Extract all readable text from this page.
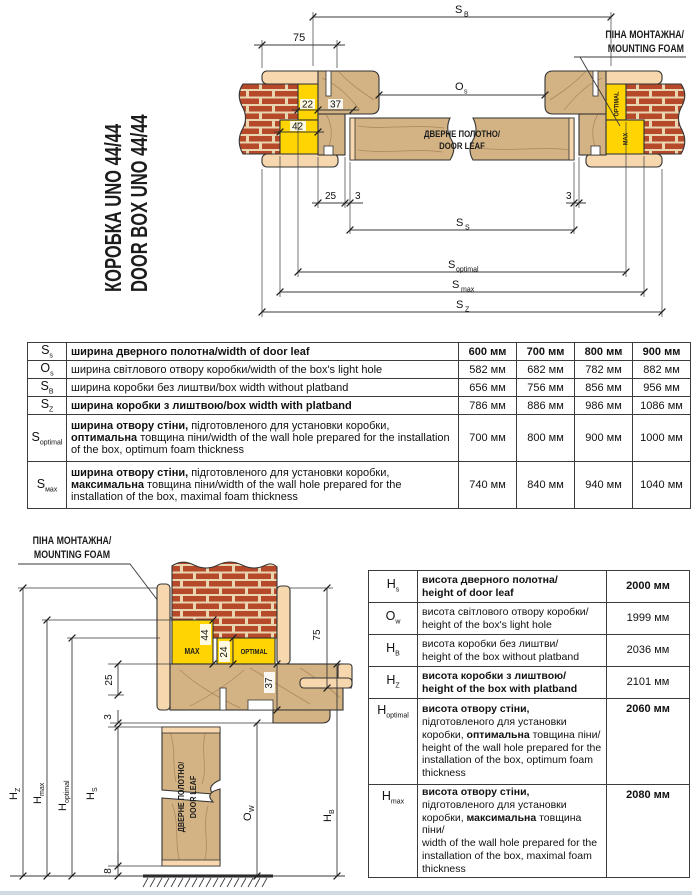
КОРОБКА UNO 44/44 DOOR BOX UNO 44/44
OPTIMAL
MAX
ДВЕРНЕ ПОЛОТНО/
DOOR LEAF
ПІНА МОНТАЖНА/
MOUNTING FOAM
S B
75
O s
22 37
42
25 3	3
S S
S optimal
S max
S Z
$S_s$	ширина дверного полотна/width of door leaf	600 мм	700 мм	800 мм	900 мм
$O_s$	ширина світлового отвору коробки/width of the box's light hole	582 мм	682 мм	782 мм	882 мм
$S_B$	ширина коробки без лиштви/box width without platband	656 мм	756 мм	856 мм	956 мм
$S_Z$	ширина коробки з лиштвою/box width with platband	786 мм	886 мм	986 мм	1086 мм
$S_{optimal}$	ширина отвору стіни, підготовленого для установки коробки, оптимальна товщина піни/width of the wall hole prepared for the installation of the box, optimum foam thickness	700 мм	800 мм	900 мм	1000 мм
$S_{мах}$	ширина отвору стіни, підготовленого для установки коробки, максимальна товщина піни/width of the wall hole prepared for the installation of the box, maximal foam thickness	740 мм	840 мм	940 мм	1040 мм
ПІНА МОНТАЖНА/
MOUNTING FOAM
MAX	OPTIMAL
44
24
ДВЕРНЕ ПОЛОТНО/ DOOR LEAF
25
3
8
37
75
H
Z
H
max
H
optimal H
S
O
W
H
B
$H_s$	висота дверного полотна/
height of door leaf	2000 мм
$O_w$	висота світлового отвору коробки/
height of the box's light hole	1999 мм
$H_B$	висота коробки без лиштви/
height of the box without platband	2036 мм
$H_Z$	висота коробки з лиштвою/
height of the box with platband	2101 мм
$H_{optimal}$	висота отвору стіни, підготовленого для установки коробки, оптимальна товщина піни/
height of the wall hole prepared for the installation of the box, optimum foam thickness	2060 мм
$H_{max}$	висота отвору стіни, підготовленого для установки коробки, максимальна товщина піни/
width of the wall hole prepared for the installation of the box, maximal foam thickness	2080 мм
